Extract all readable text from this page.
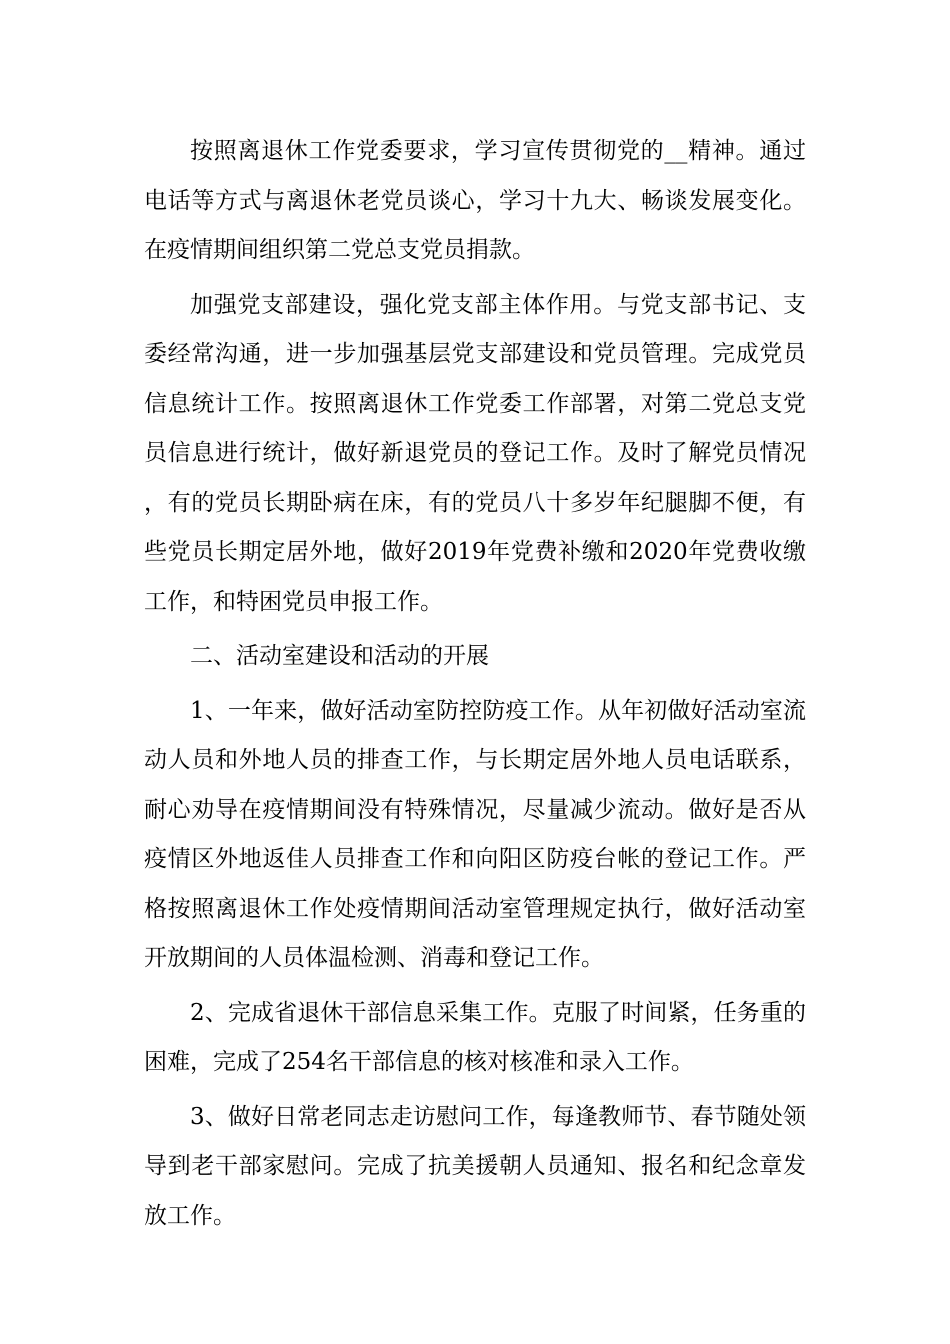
按照离退休工作党委要求，学习宣传贯彻党的__精神。通过电话等方式与离退休老党员谈心，学习十九大、畅谈发展变化。在疫情期间组织第二党总支党员捐款。

加强党支部建设，强化党支部主体作用。与党支部书记、支委经常沟通，进一步加强基层党支部建设和党员管理。完成党员信息统计工作。按照离退休工作党委工作部署，对第二党总支党员信息进行统计，做好新退党员的登记工作。及时了解党员情况，有的党员长期卧病在床，有的党员八十多岁年纪腿脚不便，有些党员长期定居外地，做好2019年党费补缴和2020年党费收缴工作，和特困党员申报工作。

二、活动室建设和活动的开展

1、一年来，做好活动室防控防疫工作。从年初做好活动室流动人员和外地人员的排查工作，与长期定居外地人员电话联系，耐心劝导在疫情期间没有特殊情况，尽量减少流动。做好是否从疫情区外地返佳人员排查工作和向阳区防疫台帐的登记工作。严格按照离退休工作处疫情期间活动室管理规定执行，做好活动室开放期间的人员体温检测、消毒和登记工作。

2、完成省退休干部信息采集工作。克服了时间紧，任务重的困难，完成了254名干部信息的核对核准和录入工作。

3、做好日常老同志走访慰问工作，每逢教师节、春节随处领导到老干部家慰问。完成了抗美援朝人员通知、报名和纪念章发放工作。
